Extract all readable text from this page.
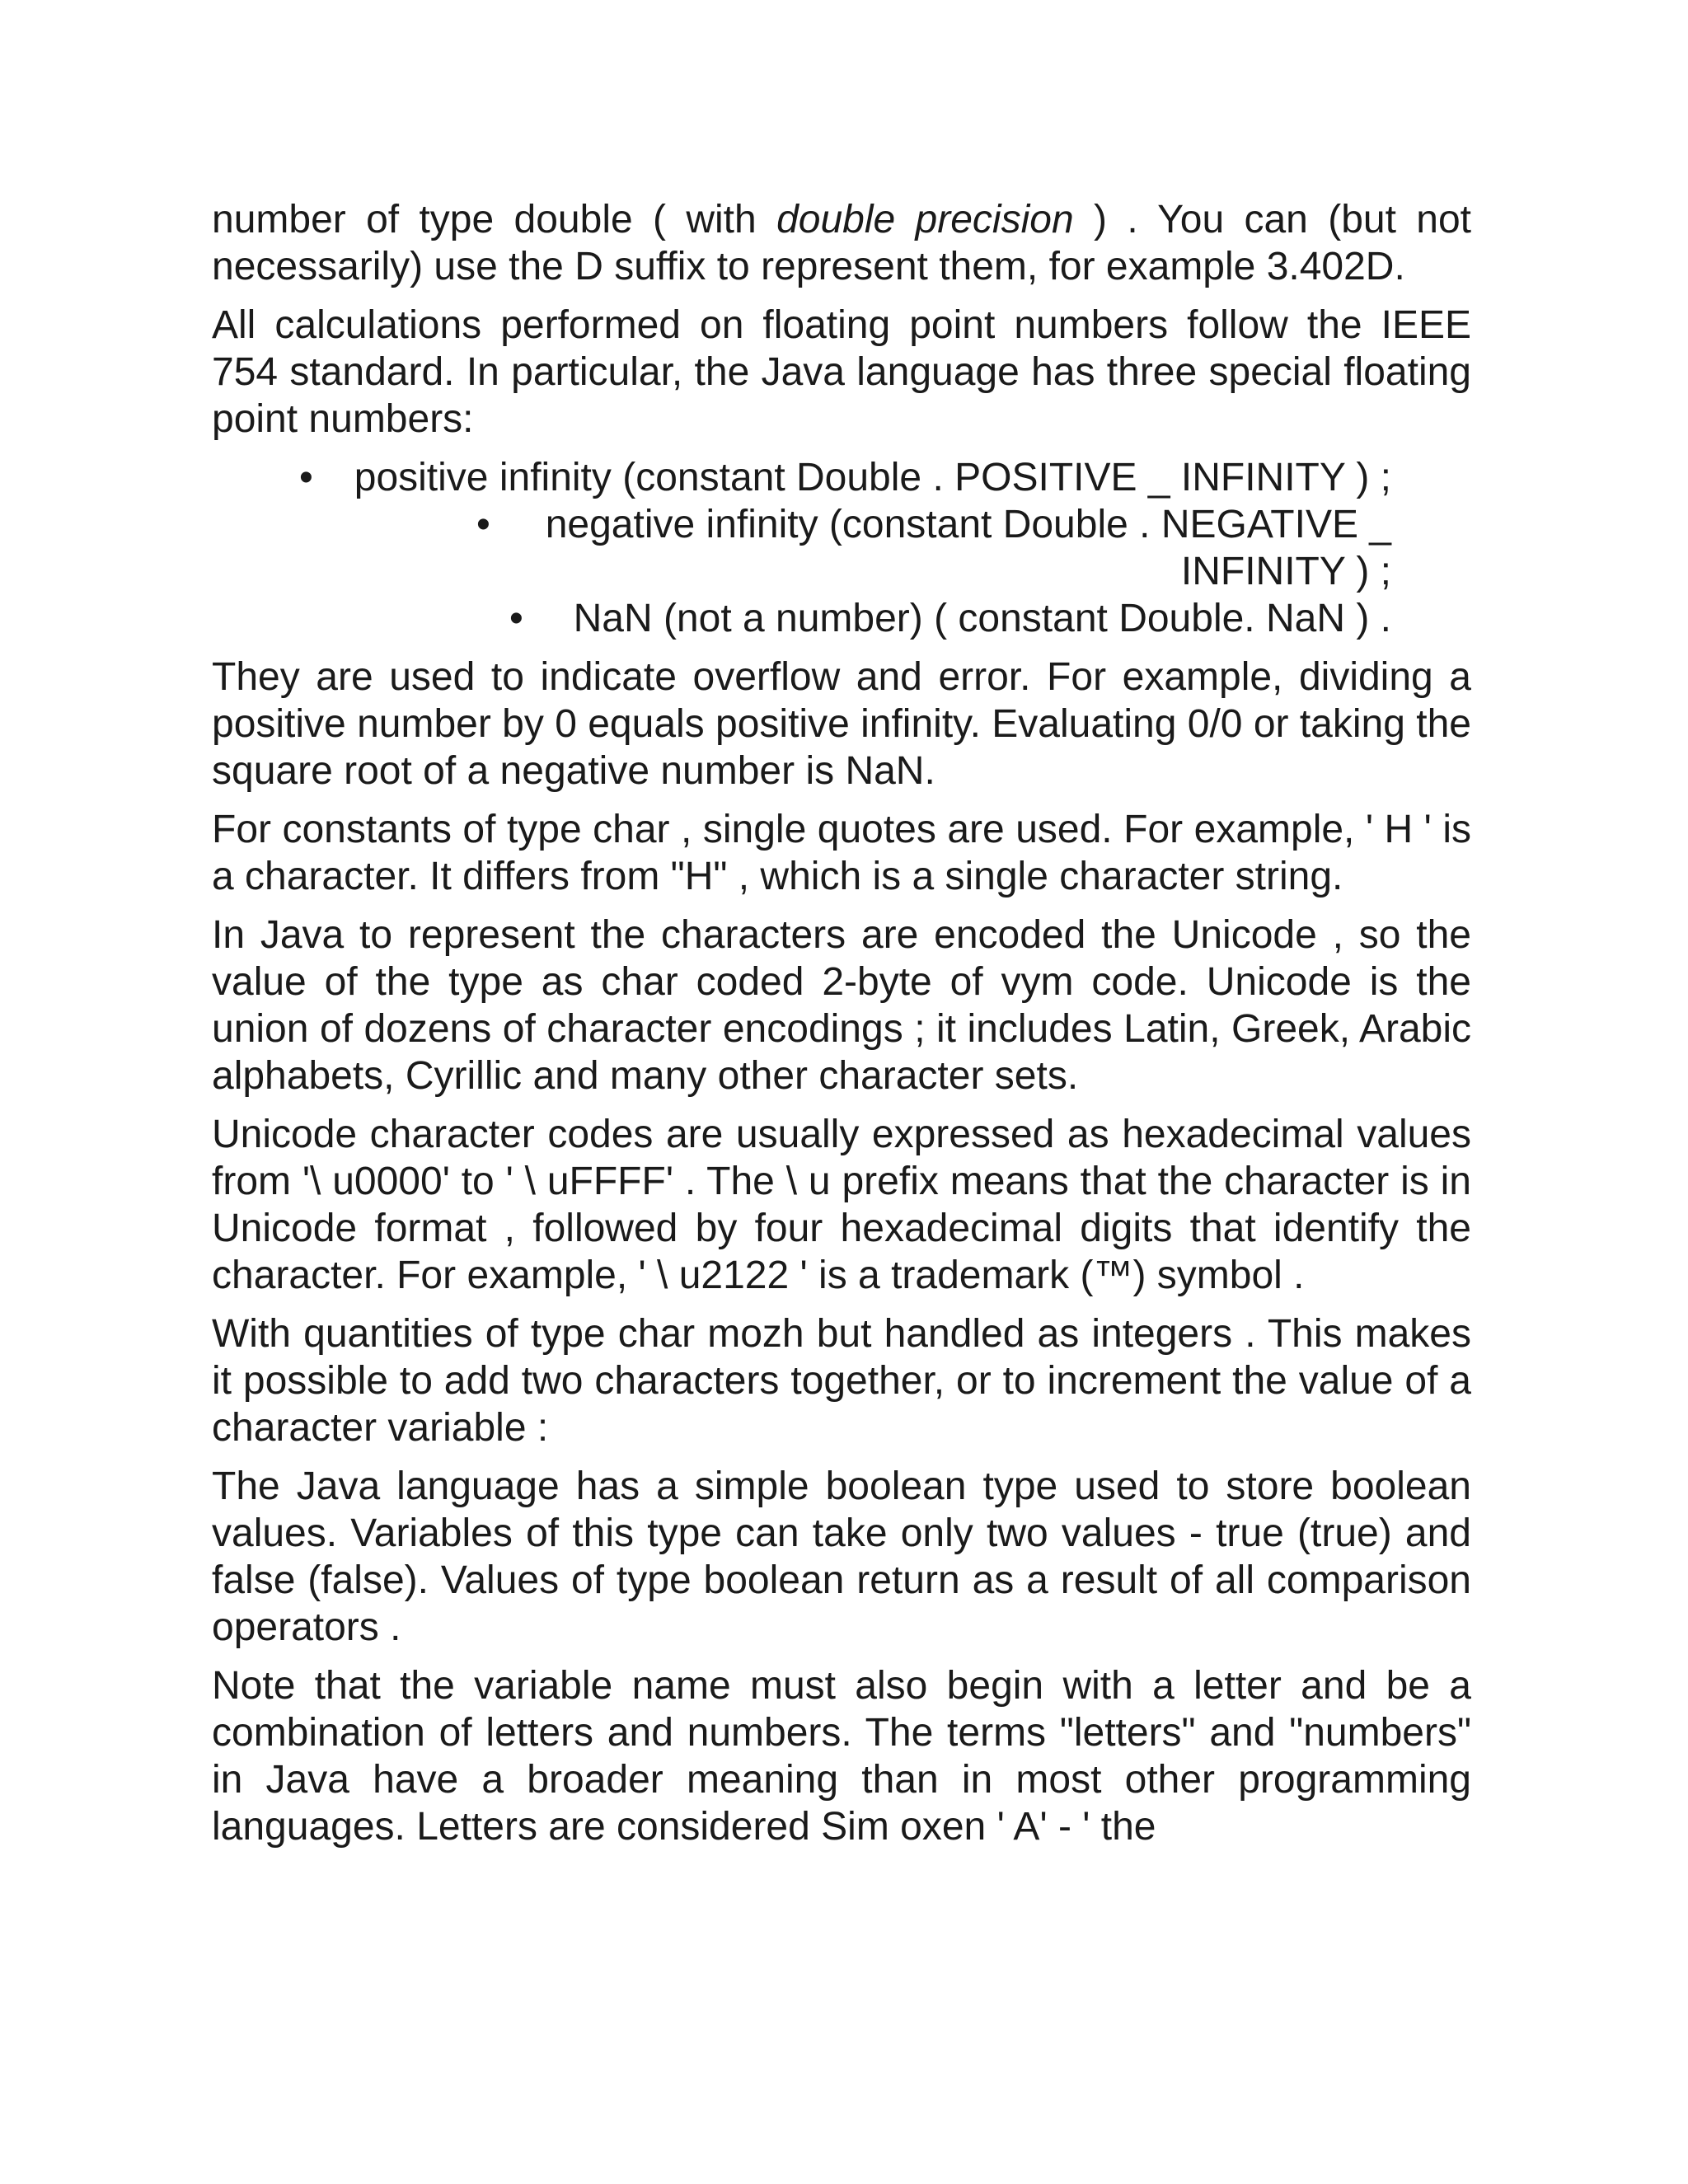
number of type double ( with double precision ) . You can (but not necessarily) use the D suffix to represent them, for example 3.402D.

All calculations performed on floating point numbers follow the IEEE 754 standard. In particular, the Java language has three special floating point numbers:

• positive infinity (constant Double . POSITIVE _ INFINITY ) ;
• negative infinity (constant Double . NEGATIVE _ INFINITY ) ;
• NaN (not a number) ( constant Double. NaN ) .

They are used to indicate overflow and error. For example, dividing a positive number by 0 equals positive infinity. Evaluating 0/0 or taking the square root of a negative number is NaN.

For constants of type char , single quotes are used. For example, ' H ' is a character. It differs from "H" , which is a single character string.

In Java to represent the characters are encoded the Unicode , so the value of the type as char coded 2-byte of vym code. Unicode is the union of dozens of character encodings ; it includes Latin, Greek, Arabic alphabets, Cyrillic and many other character sets.

Unicode character codes are usually expressed as hexadecimal values from '\ u0000' to ' \ uFFFF' . The \ u prefix means that the character is in Unicode format , followed by four hexadecimal digits that identify the character. For example, ' \ u2122 ' is a trademark (™) symbol .

With quantities of type char mozh but handled as integers . This makes it possible to add two characters together, or to increment the value of a character variable :

The Java language has a simple boolean type used to store boolean values. Variables of this type can take only two values - true (true) and false (false). Values of type boolean return as a result of all comparison operators .

Note that the variable name must also begin with a letter and be a combination of letters and numbers. The terms "letters" and "numbers" in Java have a broader meaning than in most other programming languages. Letters are considered Sim oxen ' A' - ' the
